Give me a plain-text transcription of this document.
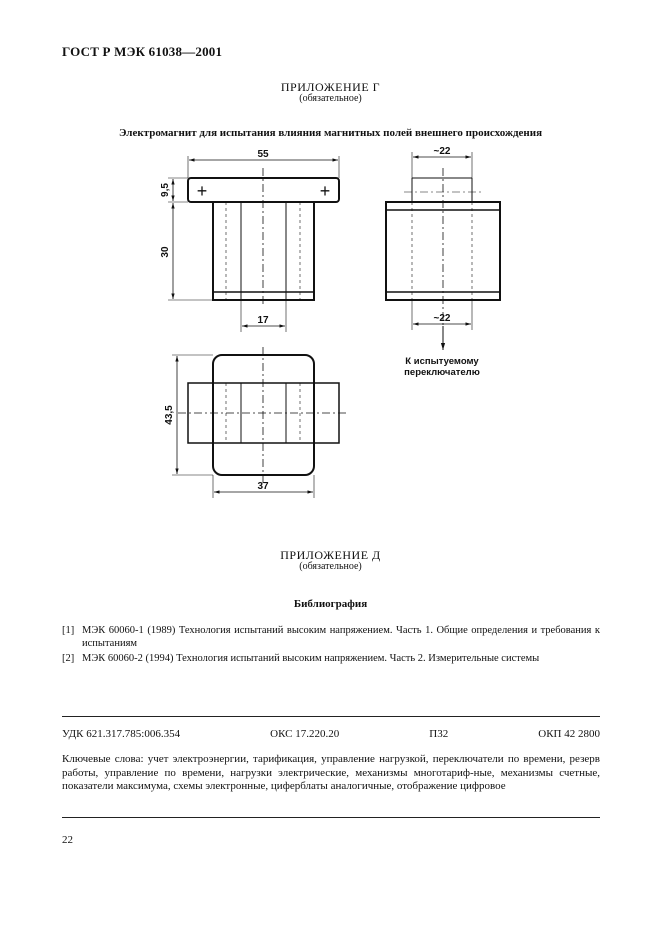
ГОСТ Р МЭК 61038—2001
ПРИЛОЖЕНИЕ Г
(обязательное)
Электромагнит для испытания влияния магнитных полей внешнего происхождения
+	+
55
9,5
30
17
~22
~22
К испытуемому
переключателю
43,5
37
ПРИЛОЖЕНИЕ Д
(обязательное)
Библиография
[1] МЭК 60060-1 (1989) Технология испытаний высоким напряжением. Часть 1. Общие определения и требования к испытаниям
[2] МЭК 60060-2 (1994) Технология испытаний высоким напряжением. Часть 2. Измерительные системы
УДК 621.317.785:006.354	ОКС 17.220.20	П32	ОКП 42 2800
Ключевые слова: учет электроэнергии, тарификация, управление нагрузкой, переключатели по времени, резерв работы, управление по времени, нагрузки электрические, механизмы многотариф-ные, механизмы счетные, показатели максимума, схемы электронные, циферблаты аналогичные, отображение цифровое
22
